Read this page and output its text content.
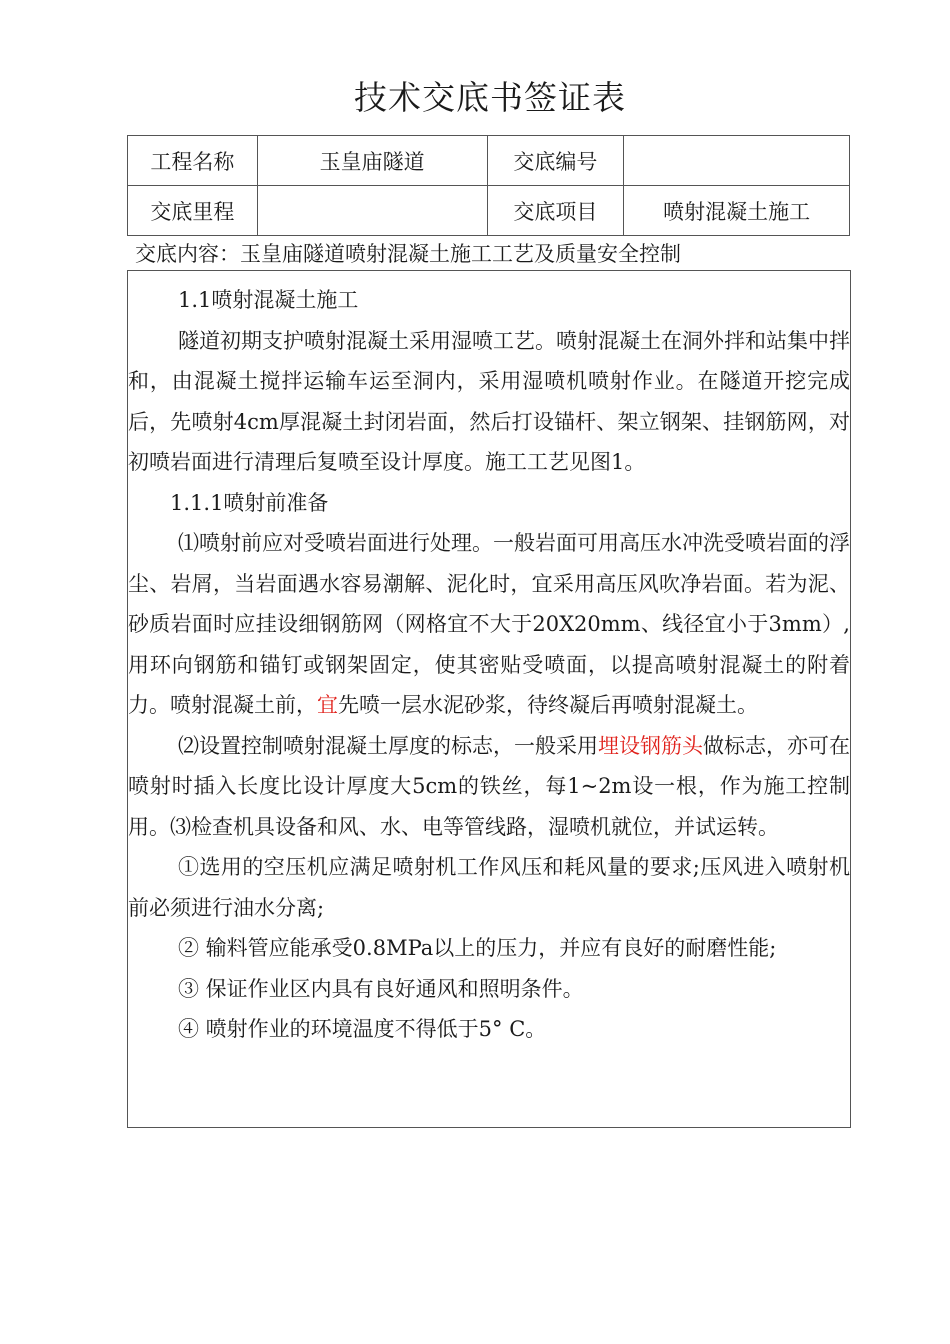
技术交底书签证表
工程名称	玉皇庙隧道	交底编号	
交底里程		交底项目	喷射混凝土施工
交底内容：玉皇庙隧道喷射混凝土施工工艺及质量安全控制

1.1喷射混凝土施工

隧道初期支护喷射混凝土采用湿喷工艺。喷射混凝土在洞外拌和站集中拌和，由混凝土搅拌运输车运至洞内，采用湿喷机喷射作业。在隧道开挖完成后，先喷射4cm厚混凝土封闭岩面，然后打设锚杆、架立钢架、挂钢筋网，对初喷岩面进行清理后复喷至设计厚度。施工工艺见图1。

1.1.1喷射前准备

⑴喷射前应对受喷岩面进行处理。一般岩面可用高压水冲洗受喷岩面的浮尘、岩屑，当岩面遇水容易潮解、泥化时，宜采用高压风吹净岩面。若为泥、砂质岩面时应挂设细钢筋网（网格宜不大于20X20mm、线径宜小于3mm）,用环向钢筋和锚钉或钢架固定，使其密贴受喷面，以提高喷射混凝土的附着力。喷射混凝土前，宜先喷一层水泥砂浆，待终凝后再喷射混凝土。

⑵设置控制喷射混凝土厚度的标志，一般采用埋设钢筋头做标志，亦可在喷射时插入长度比设计厚度大5cm的铁丝，每1~2m设一根，作为施工控制用。⑶检查机具设备和风、水、电等管线路，湿喷机就位，并试运转。

①选用的空压机应满足喷射机工作风压和耗风量的要求;压风进入喷射机前必须进行油水分离;

② 输料管应能承受0.8MPa以上的压力，并应有良好的耐磨性能;

③ 保证作业区内具有良好通风和照明条件。

④ 喷射作业的环境温度不得低于5° C。
